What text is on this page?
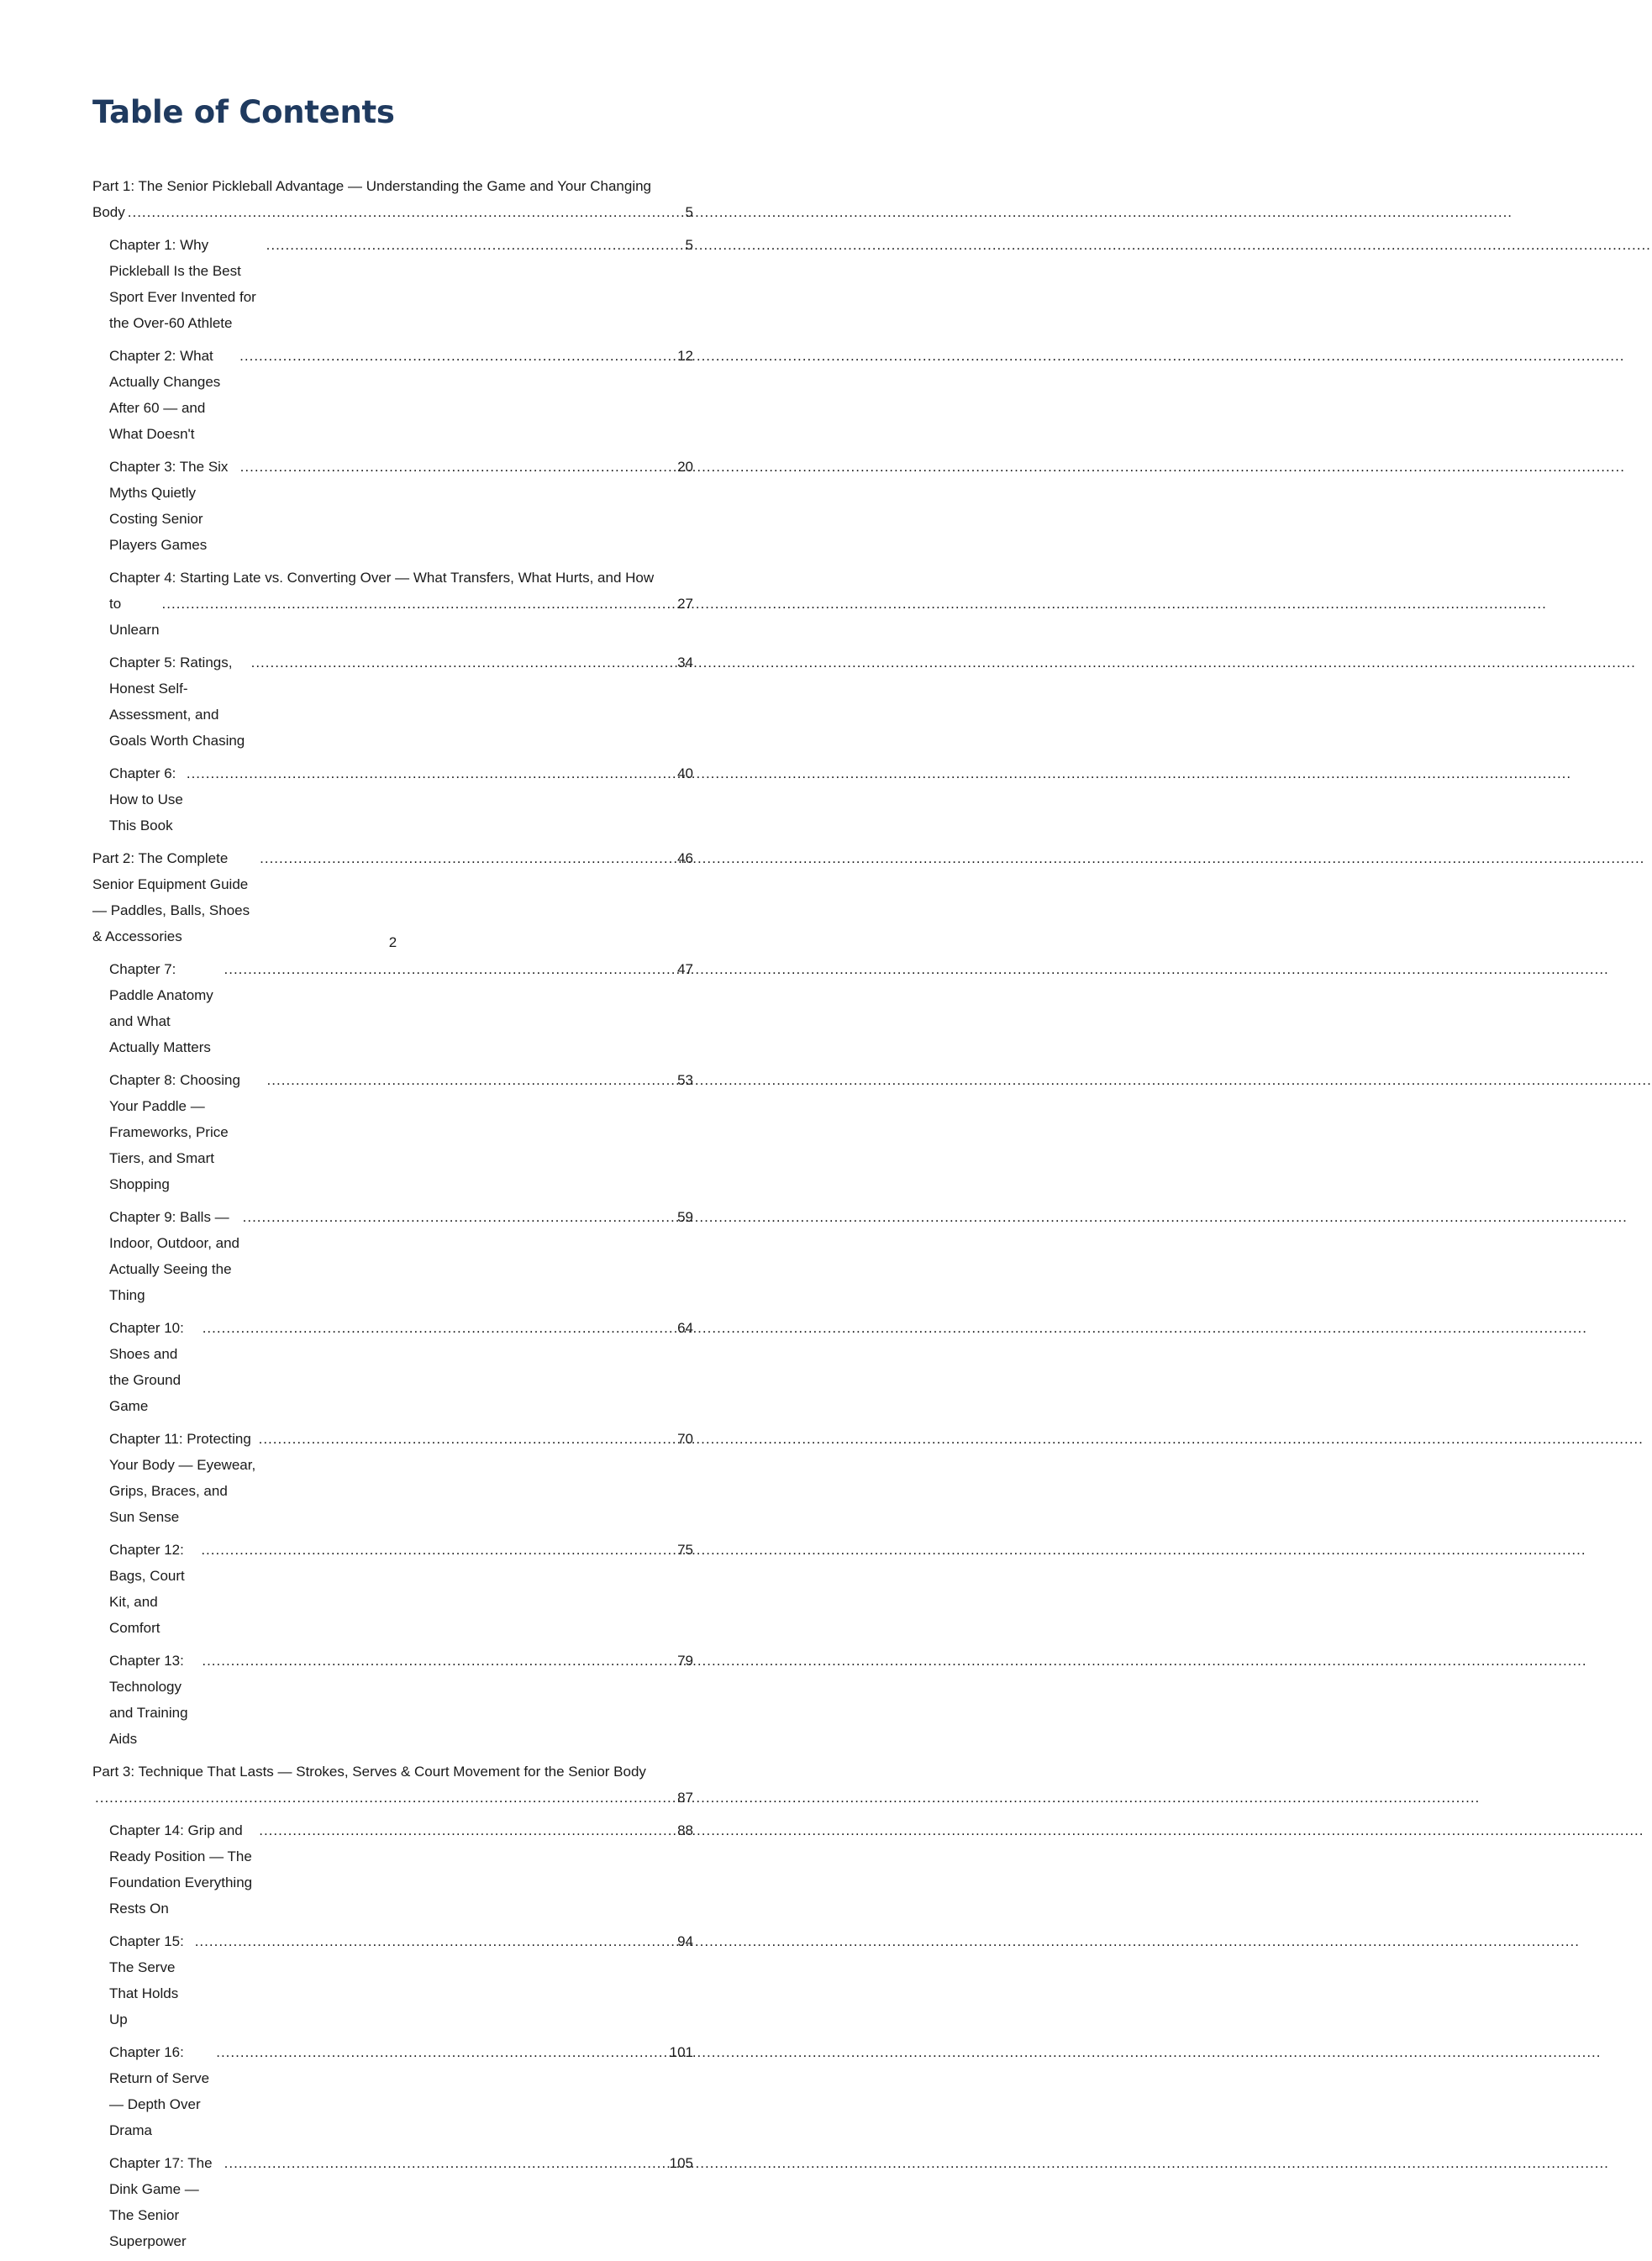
Table of Contents
Part 1: The Senior Pickleball Advantage — Understanding the Game and Your Changing
Body
.....	5
Chapter 1: Why Pickleball Is the Best Sport Ever Invented for the Over-60 Athlete
.....
5
Chapter 2: What Actually Changes After 60 — and What Doesn't
.....
12
Chapter 3: The Six Myths Quietly Costing Senior Players Games
.....
20
Chapter 4: Starting Late vs. Converting Over — What Transfers, What Hurts, and How
to Unlearn
.....
27
Chapter 5: Ratings, Honest Self-Assessment, and Goals Worth Chasing
.....
34
Chapter 6: How to Use This Book
.....
40
Part 2: The Complete Senior Equipment Guide — Paddles, Balls, Shoes & Accessories
.....
46
Chapter 7: Paddle Anatomy and What Actually Matters
.....
47
Chapter 8: Choosing Your Paddle — Frameworks, Price Tiers, and Smart Shopping
.....
53
Chapter 9: Balls — Indoor, Outdoor, and Actually Seeing the Thing
.....
59
Chapter 10: Shoes and the Ground Game
.....
64
Chapter 11: Protecting Your Body — Eyewear, Grips, Braces, and Sun Sense
.....
70
Chapter 12: Bags, Court Kit, and Comfort
.....
75
Chapter 13: Technology and Training Aids
.....
79
Part 3: Technique That Lasts — Strokes, Serves & Court Movement for the Senior Body
.....
87
Chapter 14: Grip and Ready Position — The Foundation Everything Rests On
.....
88
Chapter 15: The Serve That Holds Up
.....
94
Chapter 16: Return of Serve — Depth Over Drama
.....
101
Chapter 17: The Dink Game — The Senior Superpower
.....
105
2
